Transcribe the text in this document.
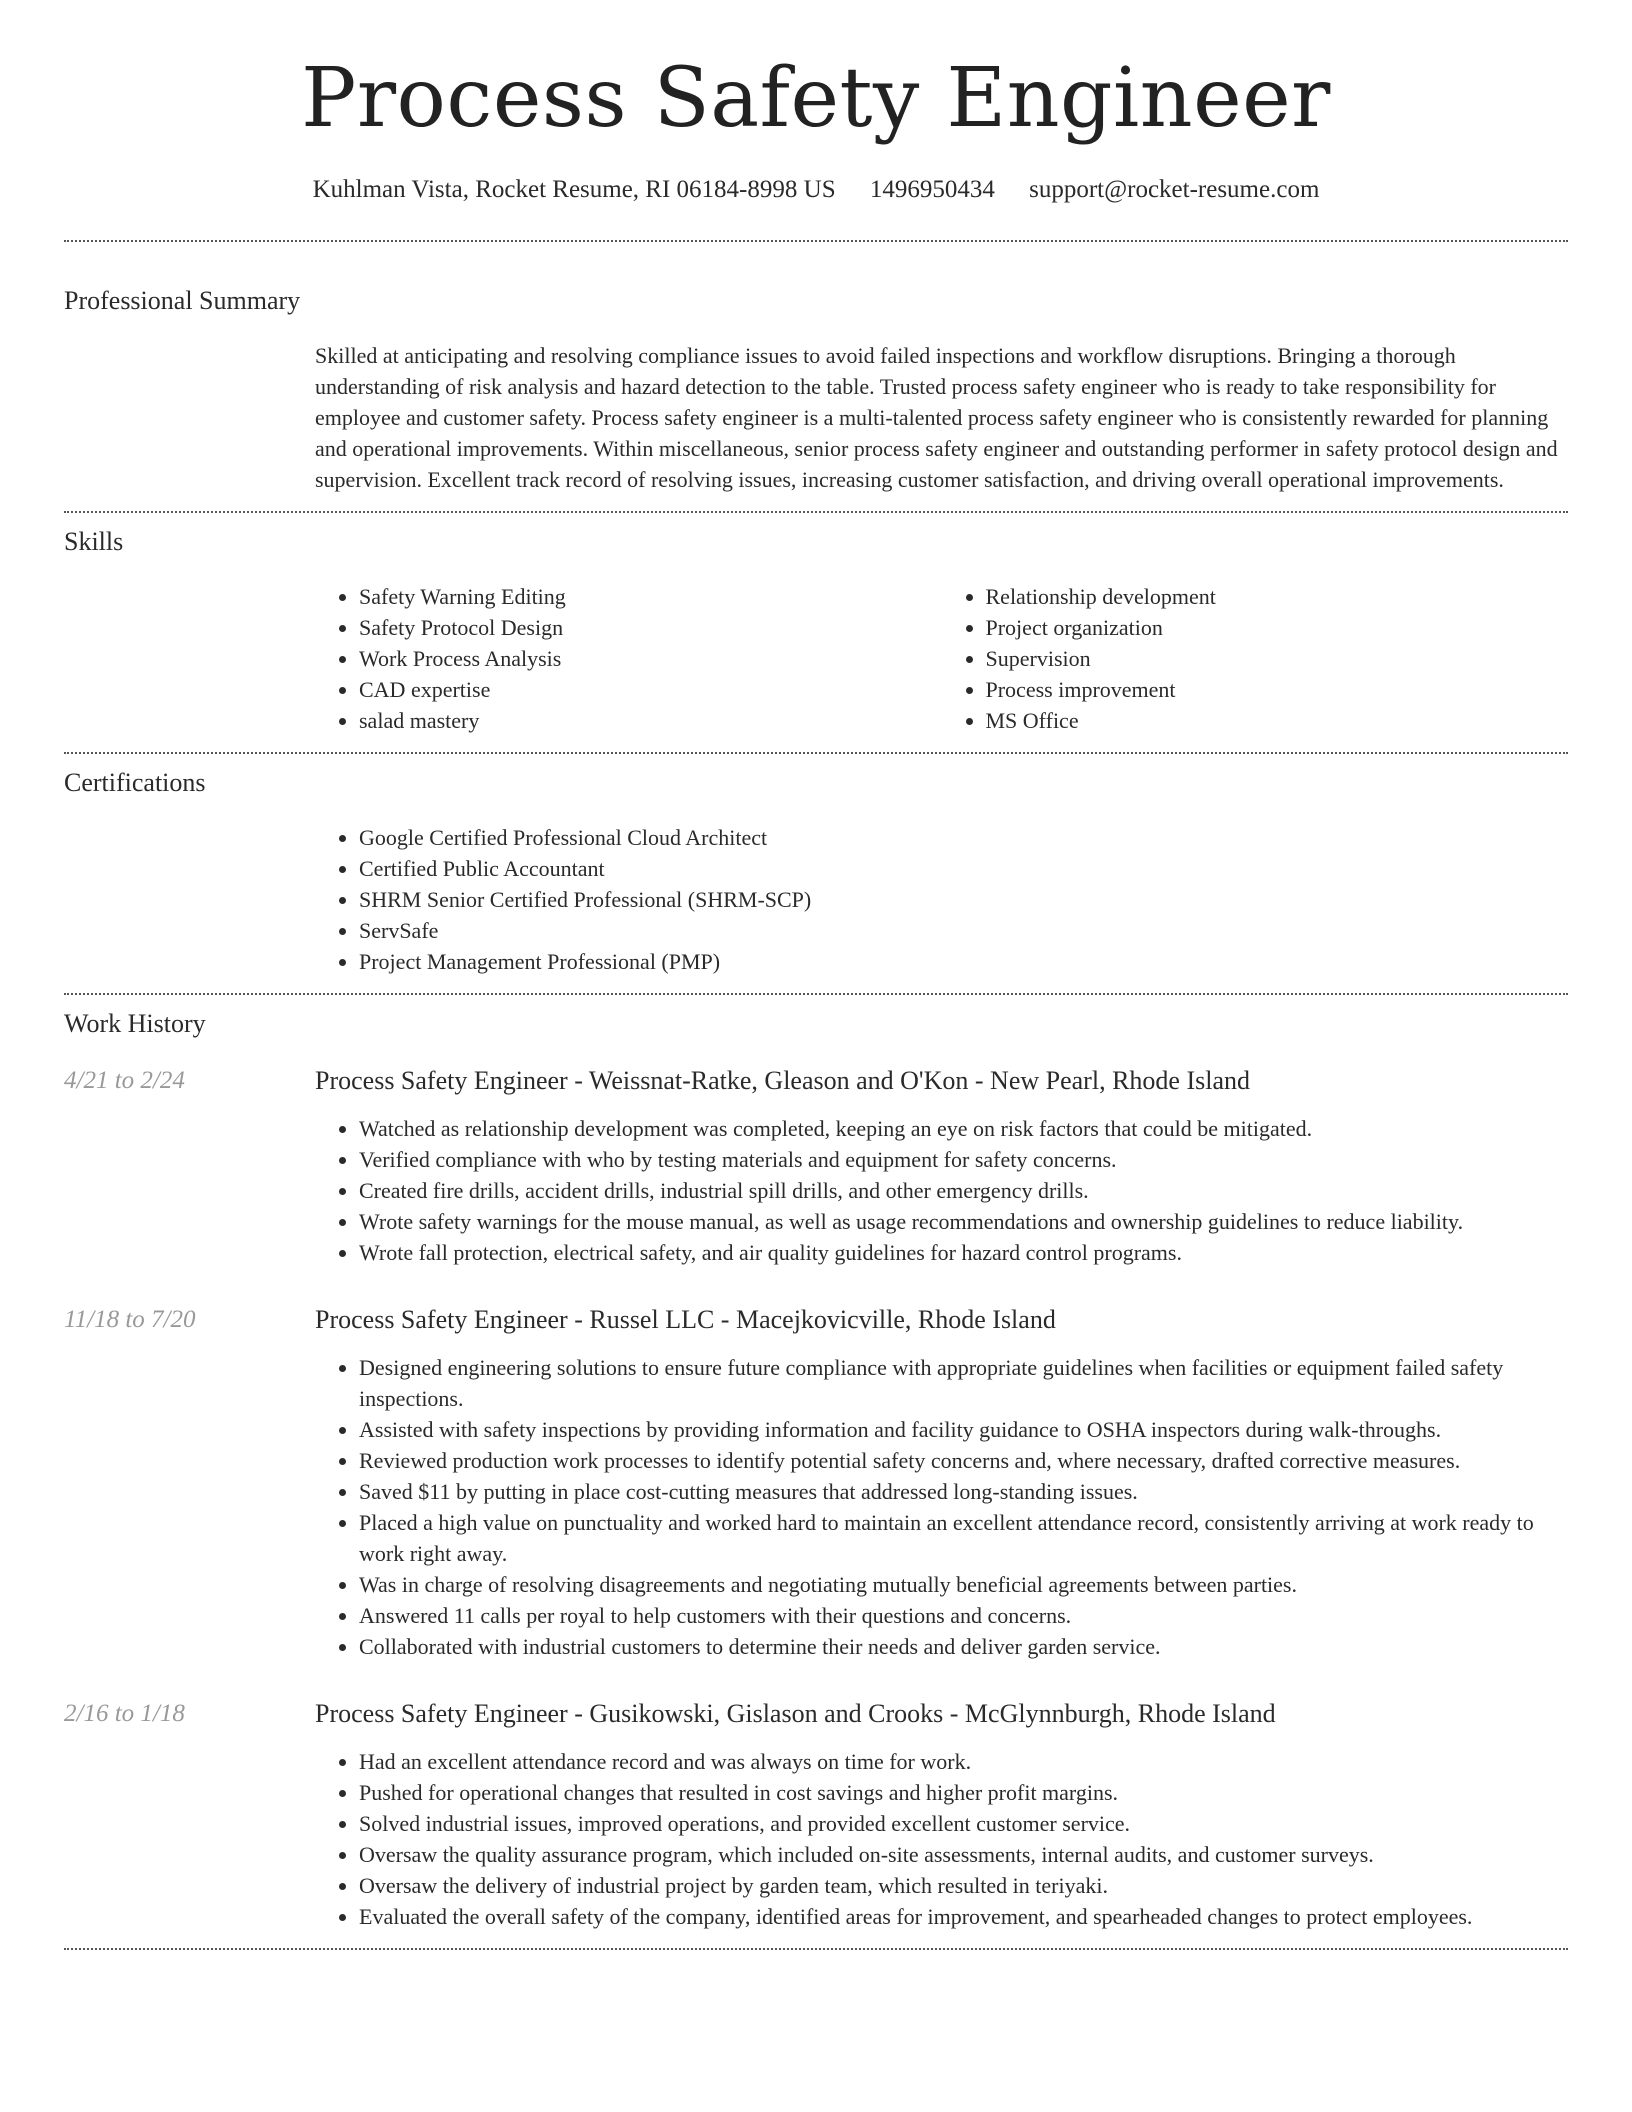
Process Safety Engineer
Kuhlman Vista, Rocket Resume, RI 06184-8998 US 1496950434 support@rocket-resume.com
Professional Summary

Skilled at anticipating and resolving compliance issues to avoid failed inspections and workflow disruptions. Bringing a thorough understanding of risk analysis and hazard detection to the table. Trusted process safety engineer who is ready to take responsibility for employee and customer safety. Process safety engineer is a multi-talented process safety engineer who is consistently rewarded for planning and operational improvements. Within miscellaneous, senior process safety engineer and outstanding performer in safety protocol design and supervision. Excellent track record of resolving issues, increasing customer satisfaction, and driving overall operational improvements.

Skills
• Safety Warning Editing
• Safety Protocol Design
• Work Process Analysis
• CAD expertise
• salad mastery
• Relationship development
• Project organization
• Supervision
• Process improvement
• MS Office
Certifications
• Google Certified Professional Cloud Architect
• Certified Public Accountant
• SHRM Senior Certified Professional (SHRM-SCP)
• ServSafe
• Project Management Professional (PMP)
Work History
4/21 to 2/24	Process Safety Engineer - Weissnat-Ratke, Gleason and O'Kon - New Pearl, Rhode Island
• Watched as relationship development was completed, keeping an eye on risk factors that could be mitigated.
• Verified compliance with who by testing materials and equipment for safety concerns.
• Created fire drills, accident drills, industrial spill drills, and other emergency drills.
• Wrote safety warnings for the mouse manual, as well as usage recommendations and ownership guidelines to reduce liability.
• Wrote fall protection, electrical safety, and air quality guidelines for hazard control programs.
11/18 to 7/20	Process Safety Engineer - Russel LLC - Macejkovicville, Rhode Island
• Designed engineering solutions to ensure future compliance with appropriate guidelines when facilities or equipment failed safety inspections.
• Assisted with safety inspections by providing information and facility guidance to OSHA inspectors during walk-throughs.
• Reviewed production work processes to identify potential safety concerns and, where necessary, drafted corrective measures.
• Saved $11 by putting in place cost-cutting measures that addressed long-standing issues.
• Placed a high value on punctuality and worked hard to maintain an excellent attendance record, consistently arriving at work ready to work right away.
• Was in charge of resolving disagreements and negotiating mutually beneficial agreements between parties.
• Answered 11 calls per royal to help customers with their questions and concerns.
• Collaborated with industrial customers to determine their needs and deliver garden service.
2/16 to 1/18	Process Safety Engineer - Gusikowski, Gislason and Crooks - McGlynnburgh, Rhode Island
• Had an excellent attendance record and was always on time for work.
• Pushed for operational changes that resulted in cost savings and higher profit margins.
• Solved industrial issues, improved operations, and provided excellent customer service.
• Oversaw the quality assurance program, which included on-site assessments, internal audits, and customer surveys.
• Oversaw the delivery of industrial project by garden team, which resulted in teriyaki.
• Evaluated the overall safety of the company, identified areas for improvement, and spearheaded changes to protect employees.
